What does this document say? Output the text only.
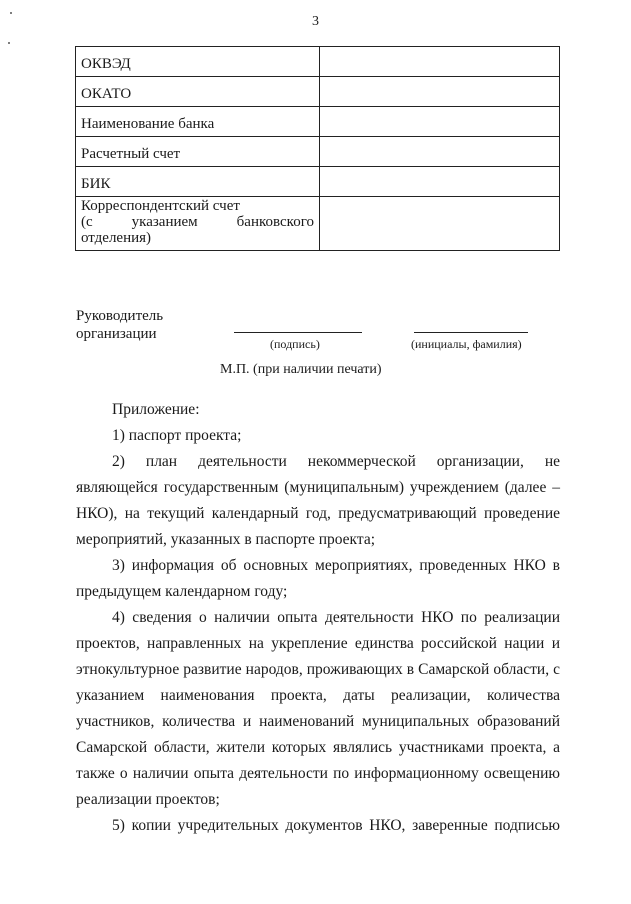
3
ОКВЭД	
ОКАТО	
Наименование банка	
Расчетный счет	
БИК	

Корреспондентский счет
(с указанием банковского
отделения)	

Руководитель
организации
(подпись)	(инициалы, фамилия)
М.П. (при наличии печати)

Приложение:

1) паспорт проекта;

2) план деятельности некоммерческой организации, не являющейся государственным (муниципальным) учреждением (далее – НКО), на текущий календарный год, предусматривающий проведение мероприятий, указанных в паспорте проекта;

3) информация об основных мероприятиях, проведенных НКО в предыдущем календарном году;

4) сведения о наличии опыта деятельности НКО по реализации проектов, направленных на укрепление единства российской нации и этнокультурное развитие народов, проживающих в Самарской области, с указанием наименования проекта, даты реализации, количества участников, количества и наименований муниципальных образований Самарской области, жители которых являлись участниками проекта, а также о наличии опыта деятельности по информационному освещению реализации проектов;

5) копии учредительных документов НКО, заверенные подписью
